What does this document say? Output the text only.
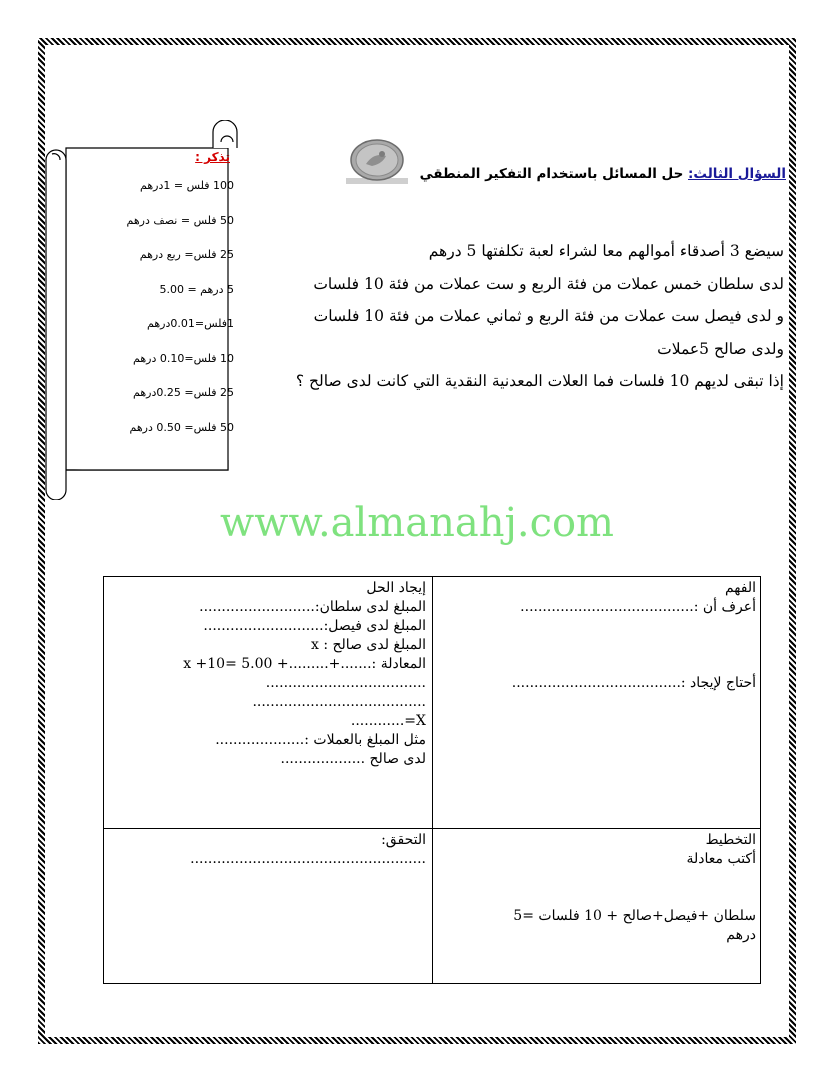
تذكر :
100 فلس = 1درهم
50 فلس = نصف درهم
25 فلس= ربع درهم
5 درهم = 5.00
1فلس=0.01درهم
10 فلس=0.10 درهم
25 فلس= 0.25درهم
50 فلس= 0.50 درهم
السؤال الثالث: حل المسائل باستخدام التفكير المنطقي
سيضع 3 أصدقاء أموالهم معا لشراء لعبة تكلفتها 5 درهم
لدى سلطان خمس عملات من فئة الربع و ست عملات من فئة 10 فلسات
و لدى فيصل ست عملات من فئة الربع و ثماني عملات من فئة 10 فلسات
ولدى صالح 5عملات
إذا تبقى لديهم 10 فلسات فما العلات المعدنية النقدية التي كانت لدى صالح ؟
www.almanahj.com
الفهم
أعرف أن :.......................................
أحتاج لإيجاد :......................................
إيجاد الحل
المبلغ لدى سلطان:..........................
المبلغ لدى فيصل:...........................
المبلغ لدى صالح : x
المعادلة :.......+.........+ x +10= 5.00
....................................
.......................................
X=............
مثل المبلغ بالعملات :....................
لدى صالح ...................
التخطيط
أكتب معادلة
سلطان +فيصل+صالح + 10 فلسات =5
درهم
التحقق:
.....................................................
